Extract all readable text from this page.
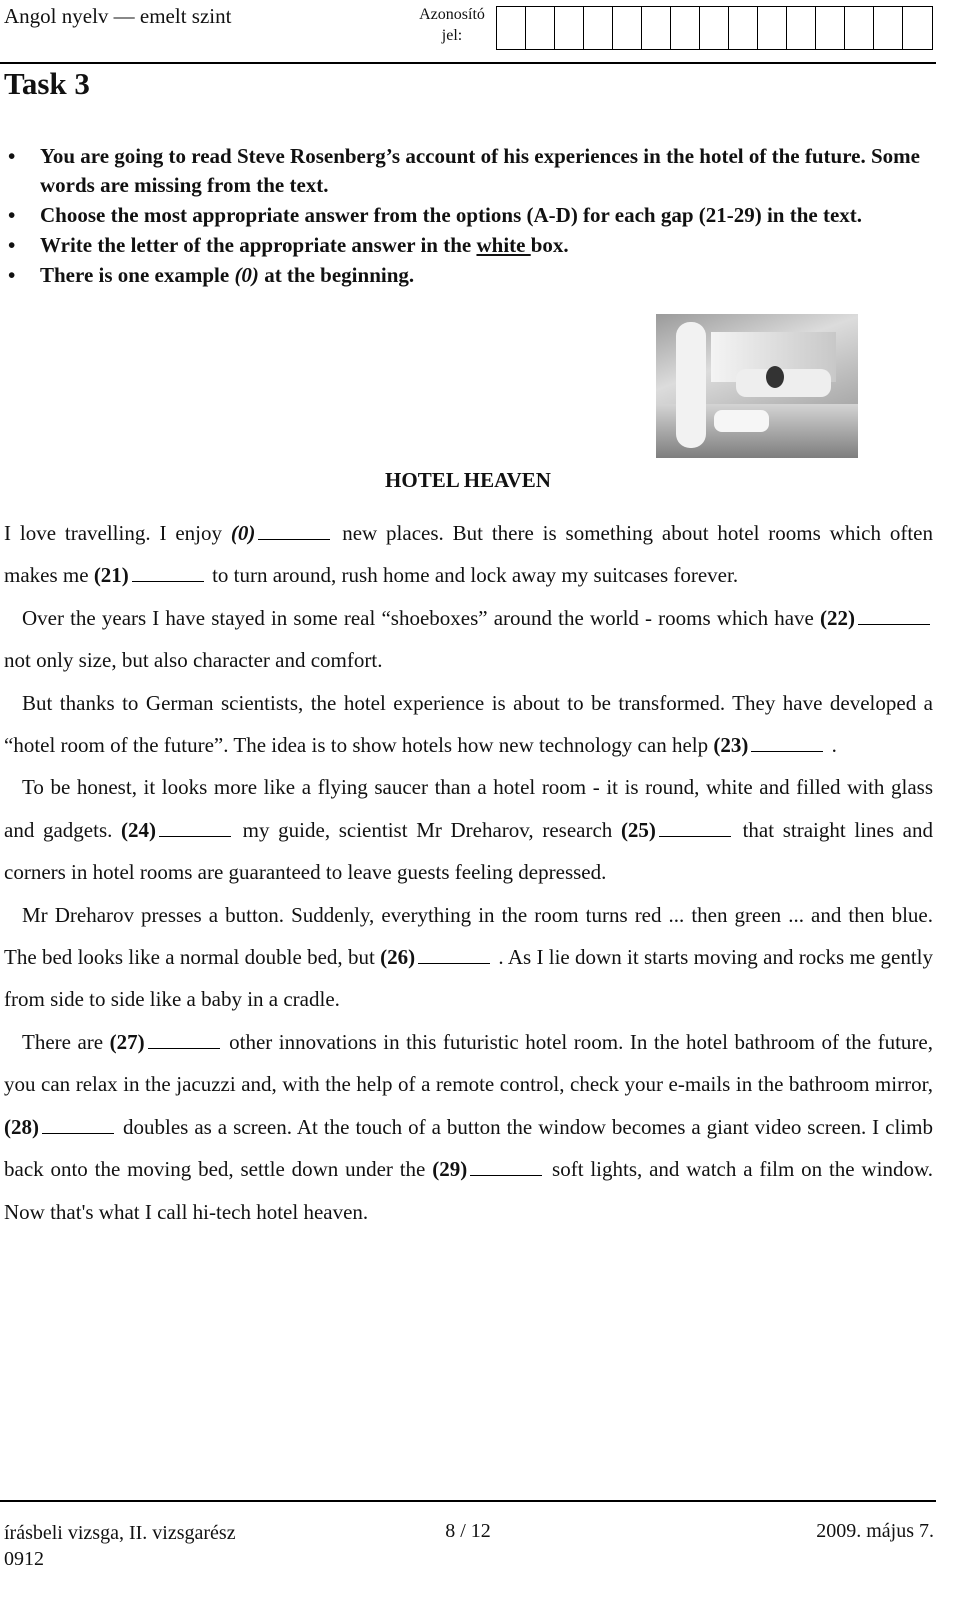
Angol nyelv — emelt szint	Azonosító jel:
Task 3
• You are going to read Steve Rosenberg’s account of his experiences in the hotel of the future. Some words are missing from the text.
• Choose the most appropriate answer from the options (A-D) for each gap (21-29) in the text.
• Write the letter of the appropriate answer in the white box.
• There is one example (0) at the beginning.
HOTEL HEAVEN

I love travelling. I enjoy (0)	new places. But there is something about hotel rooms which often makes me (21)	to turn around, rush home and lock away my suitcases forever.

Over the years I have stayed in some real “shoeboxes” around the world - rooms which have (22) not only size, but also character and comfort.

But thanks to German scientists, the hotel experience is about to be transformed. They have developed a “hotel room of the future”. The idea is to show hotels how new technology can help (23)	.

To be honest, it looks more like a flying saucer than a hotel room - it is round, white and filled with glass and gadgets. (24)	my guide, scientist Mr Dreharov, research (25)	that straight lines and corners in hotel rooms are guaranteed to leave guests feeling depressed.

Mr Dreharov presses a button. Suddenly, everything in the room turns red ... then green ... and then blue. The bed looks like a normal double bed, but (26)	. As I lie down it starts moving and rocks me gently from side to side like a baby in a cradle.

There are (27)	other innovations in this futuristic hotel room. In the hotel bathroom of the future, you can relax in the jacuzzi and, with the help of a remote control, check your e-mails in the bathroom mirror, (28)	doubles as a screen. At the touch of a button the window becomes a giant video screen. I climb back onto the moving bed, settle down under the (29)	soft lights, and watch a film on the window. Now that's what I call hi-tech hotel heaven.

írásbeli vizsga, II. vizsgarész
0912
8 / 12	2009. május 7.
